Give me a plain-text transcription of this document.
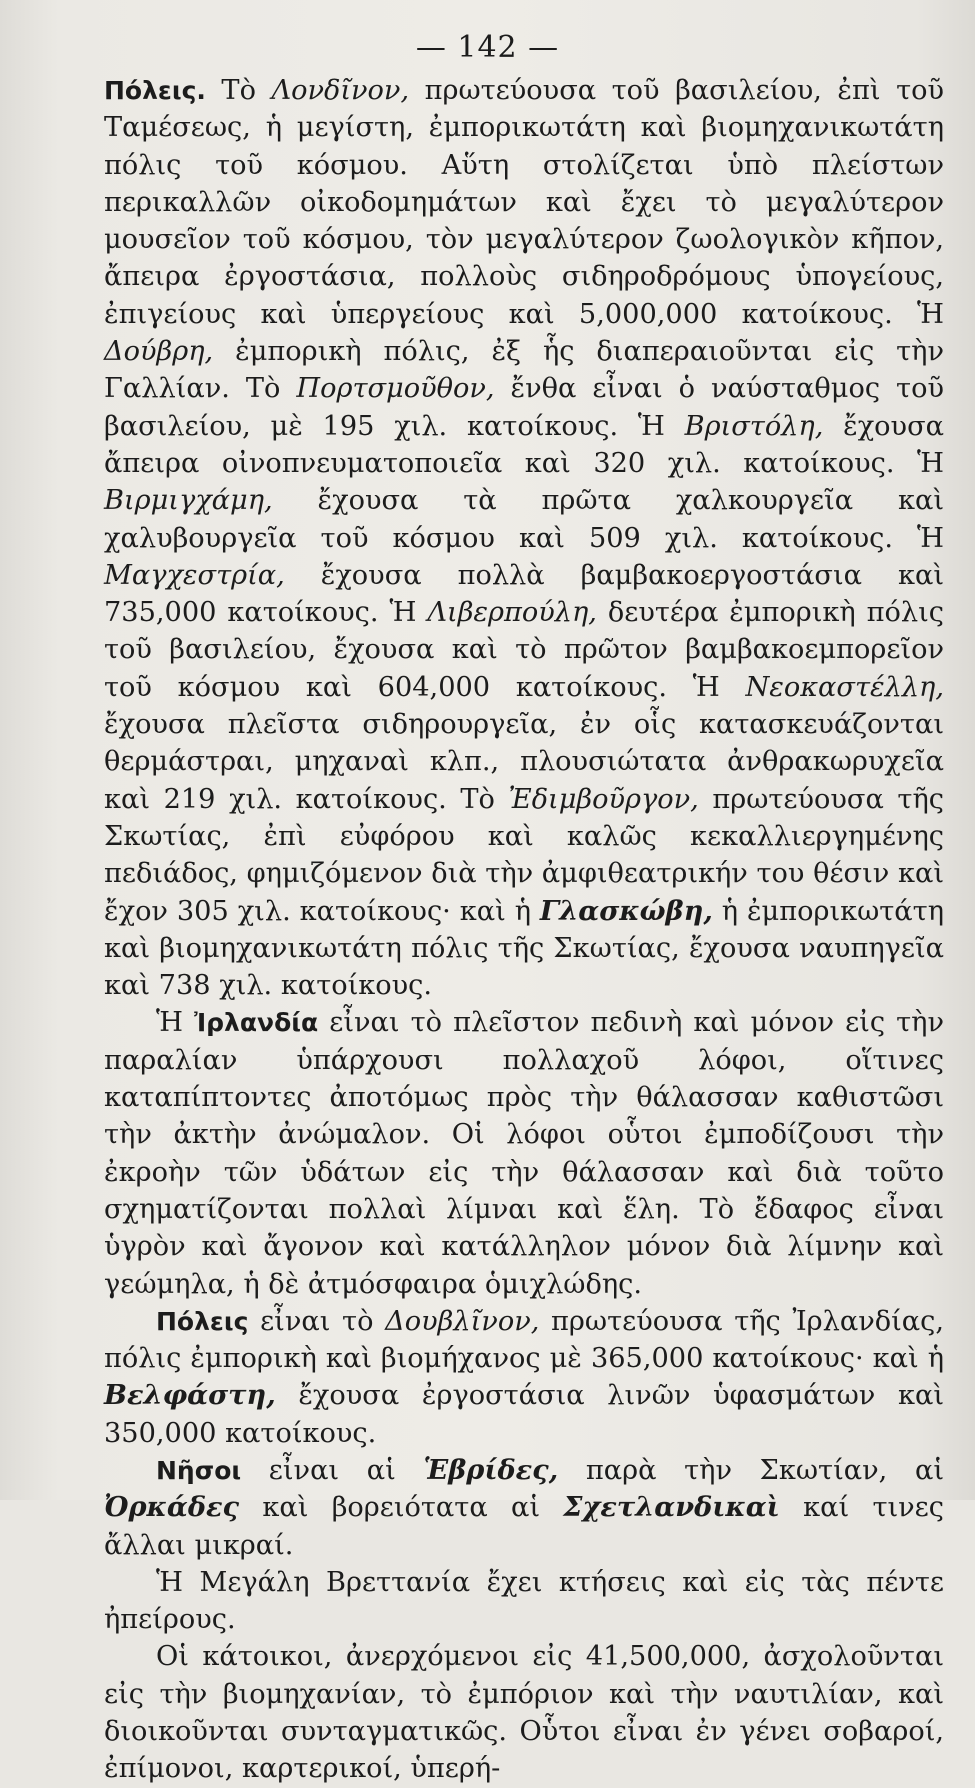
— 142 —

Πόλεις. Τὸ Λονδῖνον, πρωτεύουσα τοῦ βασιλείου, ἐπὶ τοῦ Ταμέσεως, ἡ μεγίστη, ἐμπορικωτάτη καὶ βιομηχανικωτάτη πόλις τοῦ κόσμου. Αὕτη στολίζεται ὑπὸ πλείστων περικαλλῶν οἰκοδομημάτων καὶ ἔχει τὸ μεγαλύτερον μουσεῖον τοῦ κόσμου, τὸν μεγαλύτερον ζωολογικὸν κῆπον, ἄπειρα ἐργοστάσια, πολλοὺς σιδηροδρόμους ὑπογείους, ἐπιγείους καὶ ὑπεργείους καὶ 5,000,000 κατοίκους. Ἡ Δούβρη, ἐμπορικὴ πόλις, ἐξ ἧς διαπεραιοῦνται εἰς τὴν Γαλλίαν. Τὸ Πορτσμοῦθον, ἔνθα εἶναι ὁ ναύσταθμος τοῦ βασιλείου, μὲ 195 χιλ. κατοίκους. Ἡ Βριστόλη, ἔχουσα ἄπειρα οἰνοπνευματοποιεῖα καὶ 320 χιλ. κατοίκους. Ἡ Βιρμιγχάμη, ἔχουσα τὰ πρῶτα χαλκουργεῖα καὶ χαλυβουργεῖα τοῦ κόσμου καὶ 509 χιλ. κατοίκους. Ἡ Μαγχεστρία, ἔχουσα πολλὰ βαμβακοεργοστάσια καὶ 735,000 κατοίκους. Ἡ Λιβερπούλη, δευτέρα ἐμπορικὴ πόλις τοῦ βασιλείου, ἔχουσα καὶ τὸ πρῶτον βαμβακοεμπορεῖον τοῦ κόσμου καὶ 604,000 κατοίκους. Ἡ Νεοκαστέλλη, ἔχουσα πλεῖστα σιδηρουργεῖα, ἐν οἷς κατασκευάζονται θερμάστραι, μηχαναὶ κλπ., πλουσιώτατα ἀνθρακωρυχεῖα καὶ 219 χιλ. κατοίκους. Τὸ Ἐδιμβοῦργον, πρωτεύουσα τῆς Σκωτίας, ἐπὶ εὐφόρου καὶ καλῶς κεκαλλιεργημένης πεδιάδος, φημιζόμενον διὰ τὴν ἀμφιθεατρικήν του θέσιν καὶ ἔχον 305 χιλ. κατοίκους· καὶ ἡ Γλασκώβη, ἡ ἐμπορικωτάτη καὶ βιομηχανικωτάτη πόλις τῆς Σκωτίας, ἔχουσα ναυπηγεῖα καὶ 738 χιλ. κατοίκους.

Ἡ Ἰρλανδία εἶναι τὸ πλεῖστον πεδινὴ καὶ μόνον εἰς τὴν παραλίαν ὑπάρχουσι πολλαχοῦ λόφοι, οἵτινες καταπίπτοντες ἀποτόμως πρὸς τὴν θάλασσαν καθιστῶσι τὴν ἀκτὴν ἀνώμαλον. Οἱ λόφοι οὗτοι ἐμποδίζουσι τὴν ἐκροὴν τῶν ὑδάτων εἰς τὴν θάλασσαν καὶ διὰ τοῦτο σχηματίζονται πολλαὶ λίμναι καὶ ἕλη. Τὸ ἔδαφος εἶναι ὑγρὸν καὶ ἄγονον καὶ κατάλληλον μόνον διὰ λίμνην καὶ γεώμηλα, ἡ δὲ ἀτμόσφαιρα ὁμιχλώδης.

Πόλεις εἶναι τὸ Δουβλῖνον, πρωτεύουσα τῆς Ἰρλανδίας, πόλις ἐμπορικὴ καὶ βιομήχανος μὲ 365,000 κατοίκους· καὶ ἡ Βελφάστη, ἔχουσα ἐργοστάσια λινῶν ὑφασμάτων καὶ 350,000 κατοίκους.

Νῆσοι εἶναι αἱ Ἑβρίδες, παρὰ τὴν Σκωτίαν, αἱ Ὀρκάδες καὶ βορειότατα αἱ Σχετλανδικαὶ καί τινες ἄλλαι μικραί.

Ἡ Μεγάλη Βρεττανία ἔχει κτήσεις καὶ εἰς τὰς πέντε ἠπείρους.

Οἱ κάτοικοι, ἀνερχόμενοι εἰς 41,500,000, ἀσχολοῦνται εἰς τὴν βιομηχανίαν, τὸ ἐμπόριον καὶ τὴν ναυτιλίαν, καὶ διοικοῦνται συνταγματικῶς. Οὗτοι εἶναι ἐν γένει σοβαροί, ἐπίμονοι, καρτερικοί, ὑπερή-
